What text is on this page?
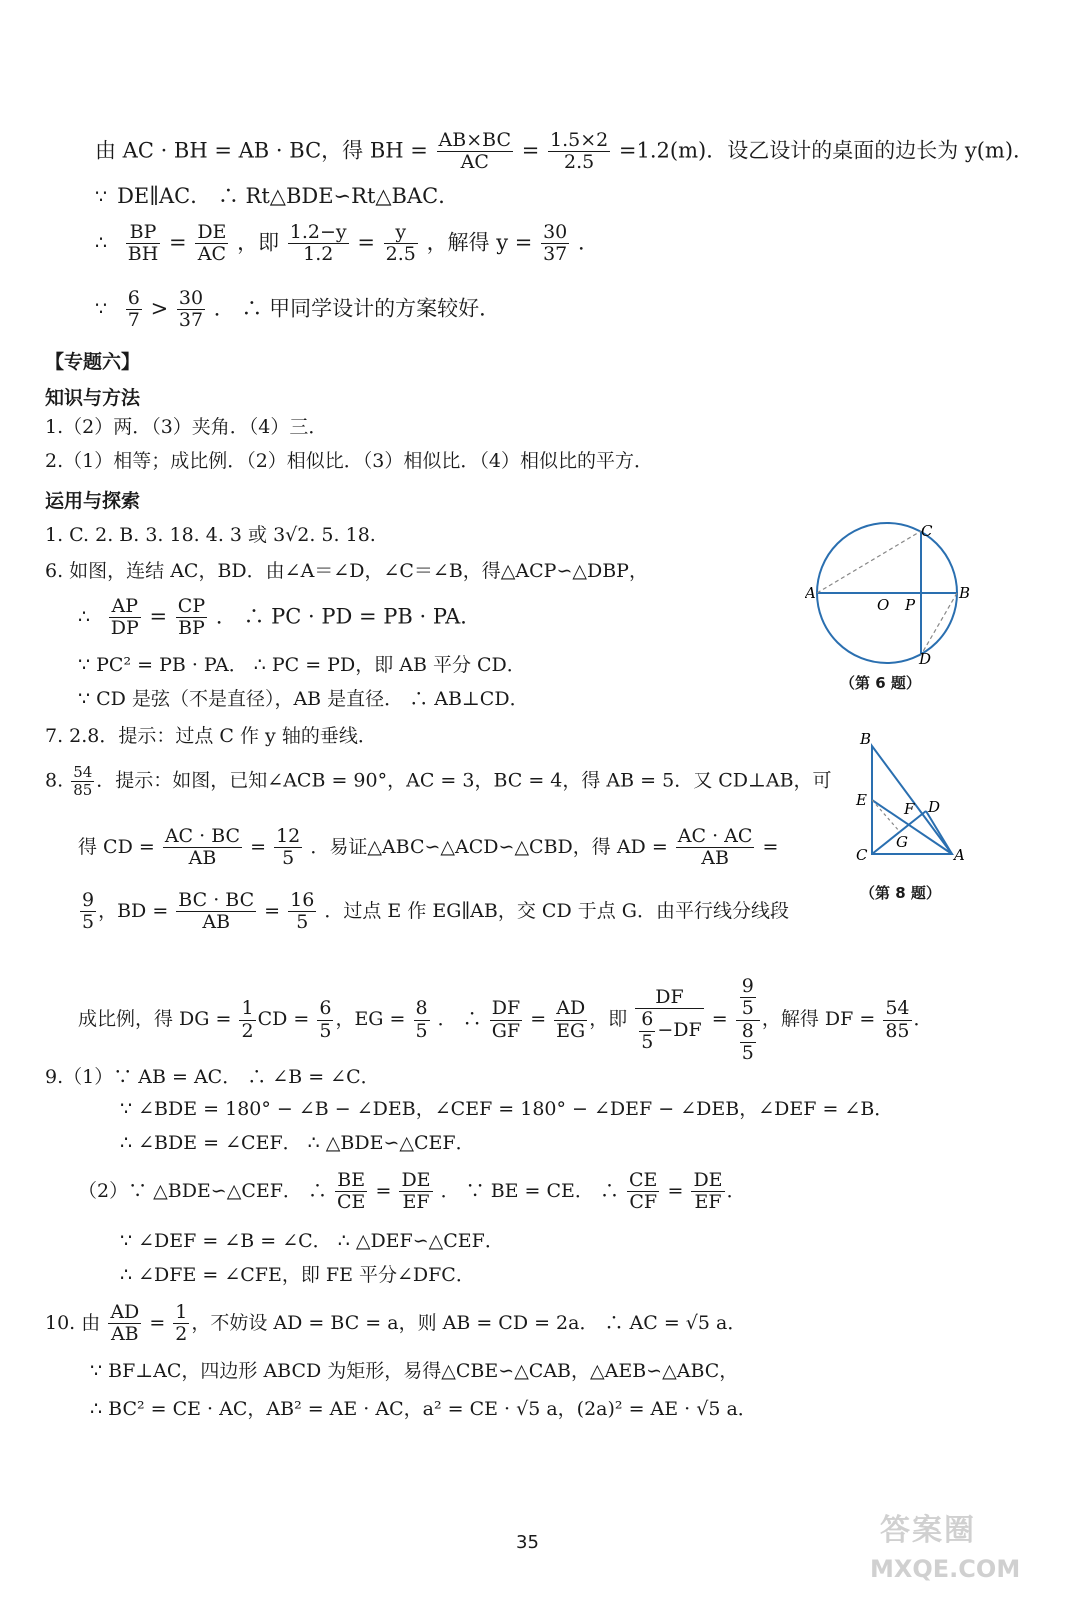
由 AC · BH = AB · BC，得 BH = $\frac{AB\times BC}{AC} = \frac{1.5\times 2}{2.5} =1.2(m)$．设乙设计的桌面的边长为 y(m)．
∵ DE∥AC． ∴ Rt△BDE∽Rt△BAC．
∴ $\frac{BP}{BH} = \frac{DE}{AC}$ ，即 $\frac{1.2-y}{1.2} = \frac{y}{2.5}$ ，解得 $y = \frac{30}{37}$ ．
∵ $\frac{6}{7} > \frac{30}{37}$ ． ∴ 甲同学设计的方案较好．
【专题六】
知识与方法
1.（2）两．（3）夹角．（4）三．
2.（1）相等；成比例．（2）相似比．（3）相似比．（4）相似比的平方．
运用与探索
1. C. 2. B. 3. 18. 4. 3 或 3√2. 5. 18.
6. 如图，连结 AC，BD．由∠A＝∠D，∠C＝∠B，得△ACP∽△DBP，
∴ $\frac{AP}{DP} = \frac{CP}{BP}$ ． ∴ PC · PD = PB · PA．
∵ PC² = PB · PA． ∴ PC = PD，即 AB 平分 CD．
∵ CD 是弦（不是直径），AB 是直径． ∴ AB⊥CD．
7. 2.8．提示：过点 C 作 y 轴的垂线．
8. $\frac{54}{85}$ ．提示：如图，已知∠ACB = 90°，AC = 3，BC = 4，得 AB = 5．又 CD⊥AB，可
得 CD = $\frac{AC \cdot BC}{AB} = \frac{12}{5}$ ．易证△ABC∽△ACD∽△CBD，得 AD = $\frac{AC \cdot AC}{AB}$ =
$\frac{9}{5}$ ，BD = $\frac{BC \cdot BC}{AB} = \frac{16}{5}$ ．过点 E 作 EG∥AB，交 CD 于点 G．由平行线分线段
成比例，得 DG = $\frac{1}{2}$ CD = $\frac{6}{5}$ ，EG = $\frac{8}{5}$ ． ∴ $\frac{DF}{GF} = \frac{AD}{EG}$ ，即 $\frac{DF}{\frac{6}{5} -DF} = \frac{\frac{9}{5}}{\frac{8}{5}}$ ，解得 DF = $\frac{54}{85}$ ．
9.（1）∵ AB = AC． ∴ ∠B = ∠C．
∵ ∠BDE = 180° − ∠B − ∠DEB，∠CEF = 180° − ∠DEF − ∠DEB，∠DEF = ∠B．
∴ ∠BDE = ∠CEF． ∴ △BDE∽△CEF．
（2）∵ △BDE∽△CEF． ∴ $\frac{BE}{CE} = \frac{DE}{EF}$ ． ∵ BE = CE． ∴ $\frac{CE}{CF} = \frac{DE}{EF}$ ．
∵ ∠DEF = ∠B = ∠C． ∴ △DEF∽△CEF．
∴ ∠DFE = ∠CFE，即 FE 平分∠DFC．
10. 由 $\frac{AD}{AB} = \frac{1}{2}$ ，不妨设 AD = BC = a，则 AB = CD = 2a． ∴ AC = √5 a．
∵ BF⊥AC，四边形 ABCD 为矩形，易得△CBE∽△CAB，△AEB∽△ABC，
∴ BC² = CE · AC，AB² = AE · AC，a² = CE · √5 a，(2a)² = AE · √5 a．
A	B
C
D
O P
（第 6 题）
B
E F D
G
C	A
（第 8 题）
35	答案圈
MXQE.COM
